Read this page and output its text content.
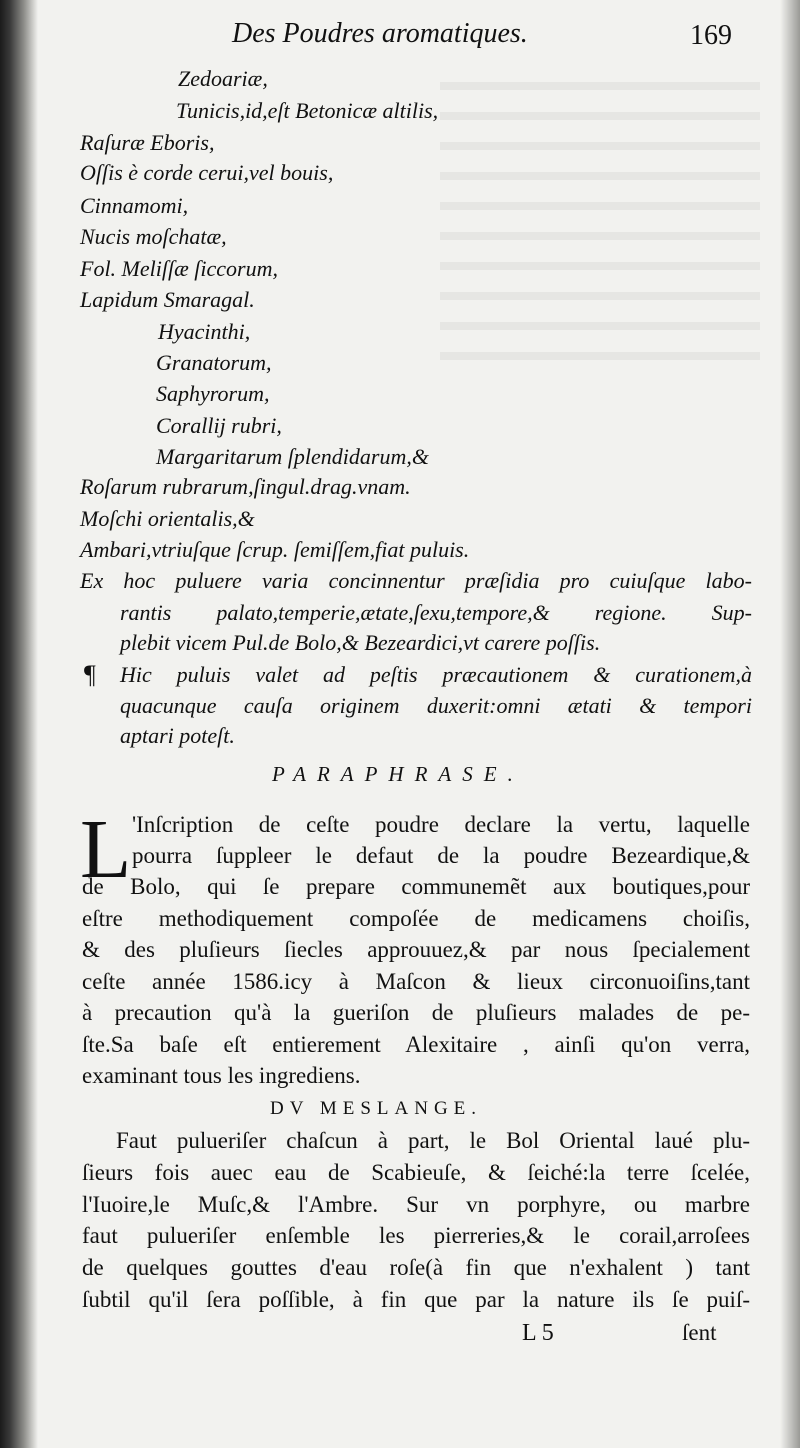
Des Poudres aromatiques.	169
Zedoariæ,
Tunicis,id,eſt Betonicæ altilis,
Raſuræ Eboris,
Oſſis è corde cerui,vel bouis,
Cinnamomi,
Nucis moſchatæ,
Fol. Meliſſæ ſiccorum,
Lapidum Smaragal.
Hyacinthi,
Granatorum,
Saphyrorum,
Corallij rubri,
Margaritarum ſplendidarum,&
Roſarum rubrarum,ſingul.drag.vnam.
Moſchi orientalis,&
Ambari,vtriuſque ſcrup. ſemiſſem,fiat puluis.
Ex hoc puluere varia concinnentur præſidia pro cuiuſque labo-
rantis palato,temperie,ætate,ſexu,tempore,& regione. Sup-
plebit vicem Pul.de Bolo,& Bezeardici,vt carere poſſis.
¶ Hic puluis valet ad peſtis præcautionem & curationem,à
quacunque cauſa originem duxerit:omni ætati & tempori
aptari poteſt.
PARAPHRASE.
L 'Inſcription de ceſte poudre declare la vertu, laquelle
pourra ſuppleer le defaut de la poudre Bezeardique,&
de Bolo, qui ſe prepare communemẽt aux boutiques,pour
eſtre methodiquement compoſée de medicamens choiſis,
& des pluſieurs ſiecles approuuez,& par nous ſpecialement
ceſte année 1586.icy à Maſcon & lieux circonuoiſins,tant
à precaution qu'à la gueriſon de pluſieurs malades de pe-
ſte.Sa baſe eſt entierement Alexitaire , ainſi qu'on verra,
examinant tous les ingrediens.
DV MESLANGE.
Faut pulueriſer chaſcun à part, le Bol Oriental laué plu-
ſieurs fois auec eau de Scabieuſe, & ſeiché:la terre ſcelée,
l'Iuoire,le Muſc,& l'Ambre. Sur vn porphyre, ou marbre
faut pulueriſer enſemble les pierreries,& le corail,arroſees
de quelques gouttes d'eau roſe(à fin que n'exhalent ) tant
ſubtil qu'il ſera poſſible, à fin que par la nature ils ſe puiſ-
L 5	ſent
